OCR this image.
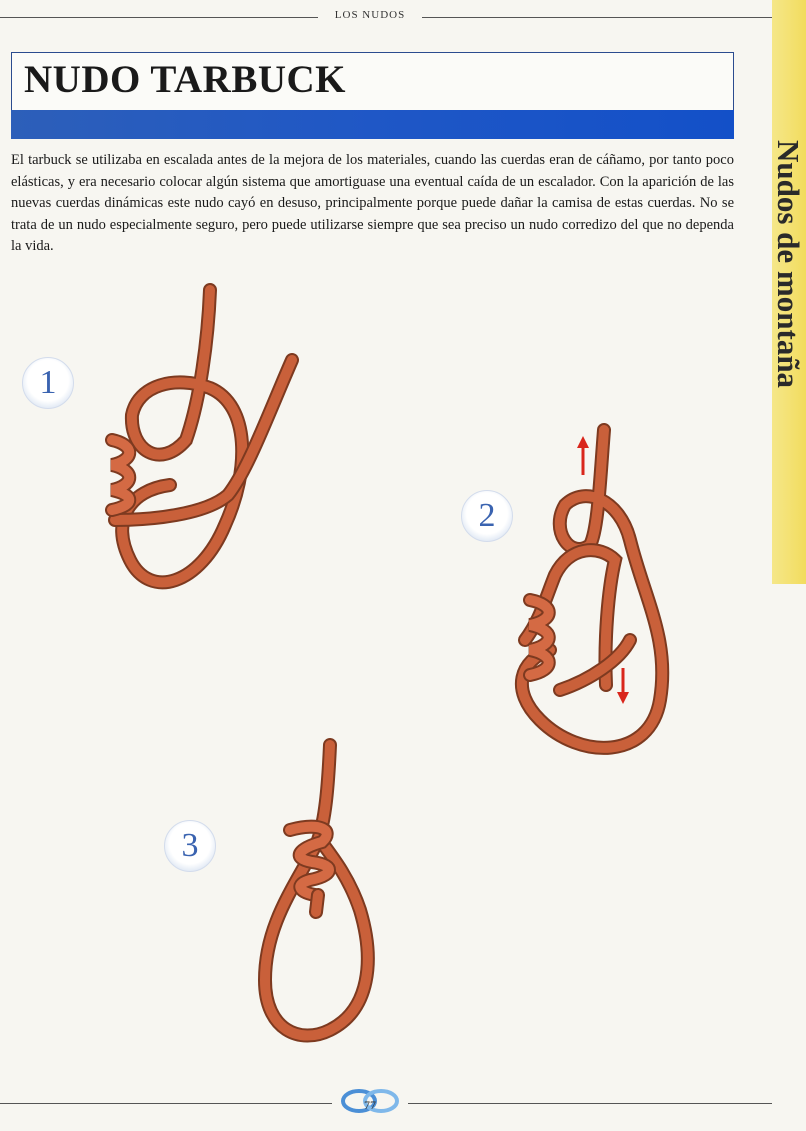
LOS NUDOS
Nudos de montaña
NUDO TARBUCK

El tarbuck se utilizaba en escalada antes de la mejora de los materiales, cuando las cuerdas eran de cáñamo, por tanto poco elásticas, y era necesario colocar algún sistema que amortiguase una eventual caída de un escalador. Con la aparición de las nuevas cuerdas dinámicas este nudo cayó en desuso, principalmente porque puede dañar la camisa de estas cuerdas. No se trata de un nudo especialmente seguro, pero puede utilizarse siempre que sea preciso un nudo corredizo del que no dependa la vida.

1
2
3
77
